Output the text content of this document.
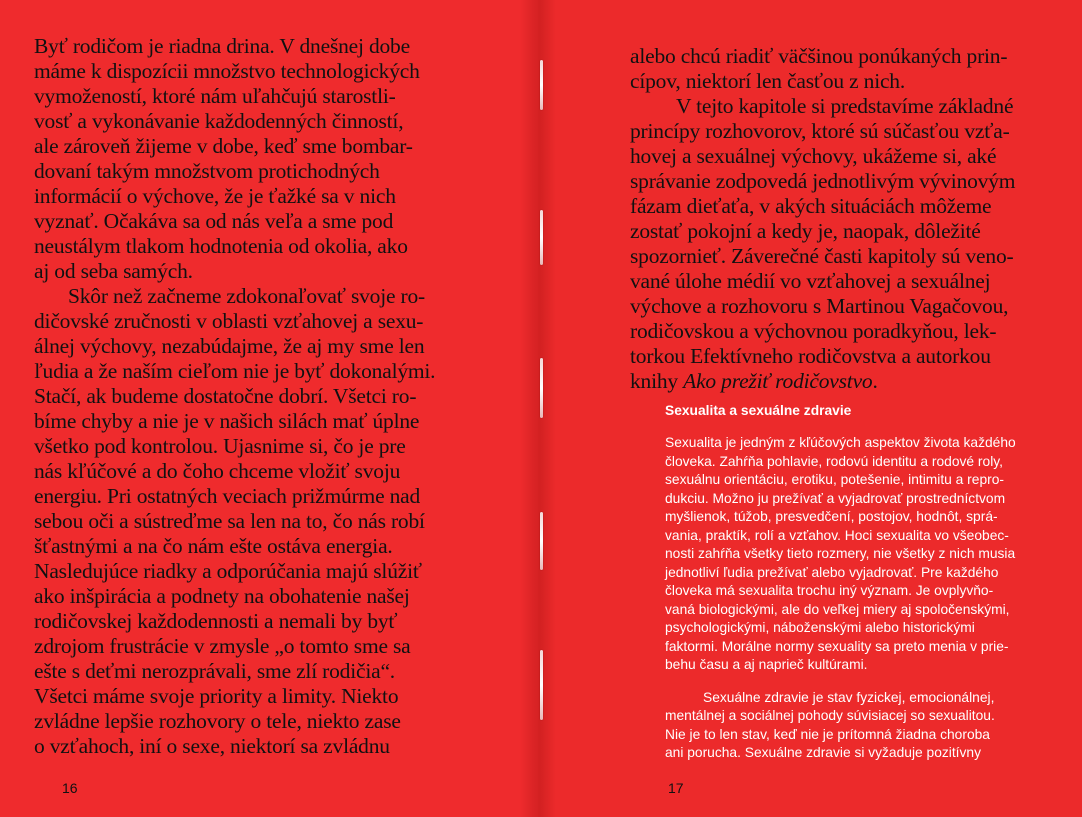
Byť rodičom je riadna drina. V dnešnej dobe
máme k dispozícii množstvo technologických
vymožeností, ktoré nám uľahčujú starostli-
vosť a vykonávanie každodenných činností,
ale zároveň žijeme v dobe, keď sme bombar-
dovaní takým množstvom protichodných
informácií o výchove, že je ťažké sa v nich
vyznať. Očakáva sa od nás veľa a sme pod
neustálym tlakom hodnotenia od okolia, ako
aj od seba samých.

Skôr než začneme zdokonaľovať svoje ro-
dičovské zručnosti v oblasti vzťahovej a sexu-
álnej výchovy, nezabúdajme, že aj my sme len
ľudia a že naším cieľom nie je byť dokonalými.
Stačí, ak budeme dostatočne dobrí. Všetci ro-
bíme chyby a nie je v našich silách mať úplne
všetko pod kontrolou. Ujasnime si, čo je pre
nás kľúčové a do čoho chceme vložiť svoju
energiu. Pri ostatných veciach prižmúrme nad
sebou oči a sústreďme sa len na to, čo nás robí
šťastnými a na čo nám ešte ostáva energia.
Nasledujúce riadky a odporúčania majú slúžiť
ako inšpirácia a podnety na obohatenie našej
rodičovskej každodennosti a nemali by byť
zdrojom frustrácie v zmysle „o tomto sme sa
ešte s deťmi nerozprávali, sme zlí rodičia“.
Všetci máme svoje priority a limity. Niekto
zvládne lepšie rozhovory o tele, niekto zase
o vzťahoch, iní o sexe, niektorí sa zvládnu

alebo chcú riadiť väčšinou ponúkaných prin-
cípov, niektorí len časťou z nich.

V tejto kapitole si predstavíme základné
princípy rozhovorov, ktoré sú súčasťou vzťa-
hovej a sexuálnej výchovy, ukážeme si, aké
správanie zodpovedá jednotlivým vývinovým
fázam dieťaťa, v akých situáciách môžeme
zostať pokojní a kedy je, naopak, dôležité
spozornieť. Záverečné časti kapitoly sú veno-
vané úlohe médií vo vzťahovej a sexuálnej
výchove a rozhovoru s Martinou Vagačovou,
rodičovskou a výchovnou poradkyňou, lek-
torkou Efektívneho rodičovstva a autorkou
knihy Ako prežiť rodičovstvo.

Sexualita a sexuálne zdravie

Sexualita je jedným z kľúčových aspektov života každého
človeka. Zahŕňa pohlavie, rodovú identitu a rodové roly,
sexuálnu orientáciu, erotiku, potešenie, intimitu a repro-
dukciu. Možno ju prežívať a vyjadrovať prostredníctvom
myšlienok, túžob, presvedčení, postojov, hodnôt, sprá-
vania, praktík, rolí a vzťahov. Hoci sexualita vo všeobec-
nosti zahŕňa všetky tieto rozmery, nie všetky z nich musia
jednotliví ľudia prežívať alebo vyjadrovať. Pre každého
človeka má sexualita trochu iný význam. Je ovplyvňo-
vaná biologickými, ale do veľkej miery aj spoločenskými,
psychologickými, náboženskými alebo historickými
faktormi. Morálne normy sexuality sa preto menia v prie-
behu času a aj naprieč kultúrami.

Sexuálne zdravie je stav fyzickej, emocionálnej,
mentálnej a sociálnej pohody súvisiacej so sexualitou.
Nie je to len stav, keď nie je prítomná žiadna choroba
ani porucha. Sexuálne zdravie si vyžaduje pozitívny

16	17
